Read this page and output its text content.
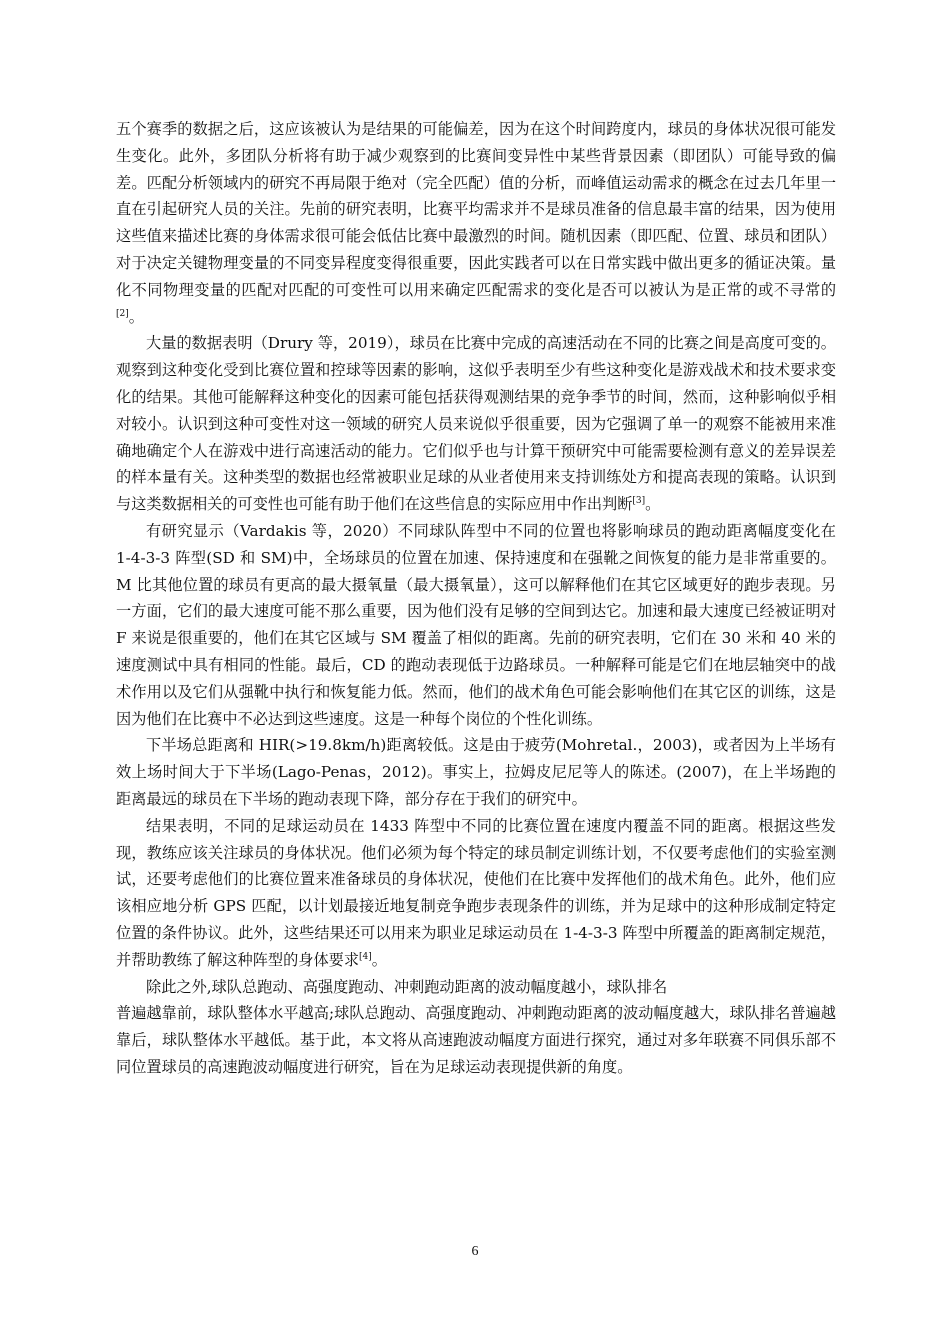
五个赛季的数据之后，这应该被认为是结果的可能偏差，因为在这个时间跨度内，球员的身体状况很可能发生变化。此外，多团队分析将有助于减少观察到的比赛间变异性中某些背景因素（即团队）可能导致的偏差。匹配分析领域内的研究不再局限于绝对（完全匹配）值的分析，而峰值运动需求的概念在过去几年里一直在引起研究人员的关注。先前的研究表明，比赛平均需求并不是球员准备的信息最丰富的结果，因为使用这些值来描述比赛的身体需求很可能会低估比赛中最激烈的时间。随机因素（即匹配、位置、球员和团队）对于决定关键物理变量的不同变异程度变得很重要，因此实践者可以在日常实践中做出更多的循证决策。量化不同物理变量的匹配对匹配的可变性可以用来确定匹配需求的变化是否可以被认为是正常的或不寻常的[2]。

大量的数据表明（Drury 等，2019），球员在比赛中完成的高速活动在不同的比赛之间是高度可变的。观察到这种变化受到比赛位置和控球等因素的影响，这似乎表明至少有些这种变化是游戏战术和技术要求变化的结果。其他可能解释这种变化的因素可能包括获得观测结果的竞争季节的时间，然而，这种影响似乎相对较小。认识到这种可变性对这一领域的研究人员来说似乎很重要，因为它强调了单一的观察不能被用来准确地确定个人在游戏中进行高速活动的能力。它们似乎也与计算干预研究中可能需要检测有意义的差异误差的样本量有关。这种类型的数据也经常被职业足球的从业者使用来支持训练处方和提高表现的策略。认识到与这类数据相关的可变性也可能有助于他们在这些信息的实际应用中作出判断[3]。

有研究显示（Vardakis 等，2020）不同球队阵型中不同的位置也将影响球员的跑动距离幅度变化在 1-4-3-3 阵型(SD 和 SM)中，全场球员的位置在加速、保持速度和在强靴之间恢复的能力是非常重要的。M 比其他位置的球员有更高的最大摄氧量（最大摄氧量），这可以解释他们在其它区域更好的跑步表现。另一方面，它们的最大速度可能不那么重要，因为他们没有足够的空间到达它。加速和最大速度已经被证明对 F 来说是很重要的，他们在其它区域与 SM 覆盖了相似的距离。先前的研究表明，它们在 30 米和 40 米的速度测试中具有相同的性能。最后，CD 的跑动表现低于边路球员。一种解释可能是它们在地层轴突中的战术作用以及它们从强靴中执行和恢复能力低。然而，他们的战术角色可能会影响他们在其它区的训练，这是因为他们在比赛中不必达到这些速度。这是一种每个岗位的个性化训练。

下半场总距离和 HIR(>19.8km/h)距离较低。这是由于疲劳(Mohretal.，2003)，或者因为上半场有效上场时间大于下半场(Lago-Penas，2012)。事实上，拉姆皮尼尼等人的陈述。(2007)，在上半场跑的距离最远的球员在下半场的跑动表现下降，部分存在于我们的研究中。

结果表明，不同的足球运动员在 1433 阵型中不同的比赛位置在速度内覆盖不同的距离。根据这些发现，教练应该关注球员的身体状况。他们必须为每个特定的球员制定训练计划，不仅要考虑他们的实验室测试，还要考虑他们的比赛位置来准备球员的身体状况，使他们在比赛中发挥他们的战术角色。此外，他们应该相应地分析 GPS 匹配，以计划最接近地复制竞争跑步表现条件的训练，并为足球中的这种形成制定特定位置的条件协议。此外，这些结果还可以用来为职业足球运动员在 1-4-3-3 阵型中所覆盖的距离制定规范，并帮助教练了解这种阵型的身体要求[4]。

除此之外,球队总跑动、高强度跑动、冲刺跑动距离的波动幅度越小，球队排名

普遍越靠前，球队整体水平越高;球队总跑动、高强度跑动、冲刺跑动距离的波动幅度越大，球队排名普遍越靠后，球队整体水平越低。基于此，本文将从高速跑波动幅度方面进行探究，通过对多年联赛不同俱乐部不同位置球员的高速跑波动幅度进行研究，旨在为足球运动表现提供新的角度。

6
